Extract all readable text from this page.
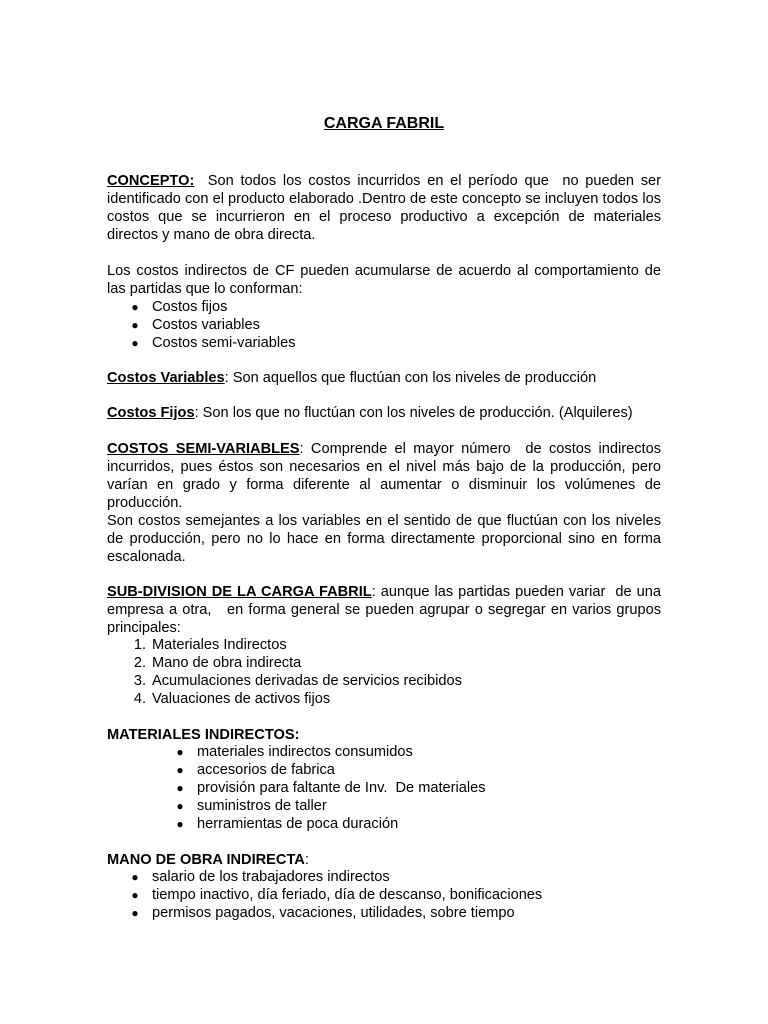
CARGA FABRIL

CONCEPTO:  Son todos los costos incurridos en el período que  no pueden ser identificado con el producto elaborado .Dentro de este concepto se incluyen todos los costos que se incurrieron en el proceso productivo a excepción de materiales directos y mano de obra directa.

Los costos indirectos de CF pueden acumularse de acuerdo al comportamiento de las partidas que lo conforman:

● Costos fijos
● Costos variables
● Costos semi-variables

Costos Variables: Son aquellos que fluctúan con los niveles de producción

Costos Fijos: Son los que no fluctúan con los niveles de producción. (Alquileres)

COSTOS SEMI-VARIABLES: Comprende el mayor número  de costos indirectos incurridos, pues éstos son necesarios en el nivel más bajo de la producción, pero varían en grado y forma diferente al aumentar o disminuir los volúmenes de producción.

Son costos semejantes a los variables en el sentido de que fluctúan con los niveles de producción, pero no lo hace en forma directamente proporcional sino en forma escalonada.

SUB-DIVISION DE LA CARGA FABRIL: aunque las partidas pueden variar  de una empresa a otra,   en forma general se pueden agrupar o segregar en varios grupos  principales:

1. Materiales Indirectos
2. Mano de obra indirecta
3. Acumulaciones derivadas de servicios recibidos
4. Valuaciones de activos fijos

MATERIALES INDIRECTOS:

● materiales indirectos consumidos
● accesorios de fabrica
● provisión para faltante de Inv.  De materiales
● suministros de taller
● herramientas de poca duración

MANO DE OBRA INDIRECTA:

● salario de los trabajadores indirectos
● tiempo inactivo, día feriado, día de descanso, bonificaciones
● permisos pagados, vacaciones, utilidades, sobre tiempo
